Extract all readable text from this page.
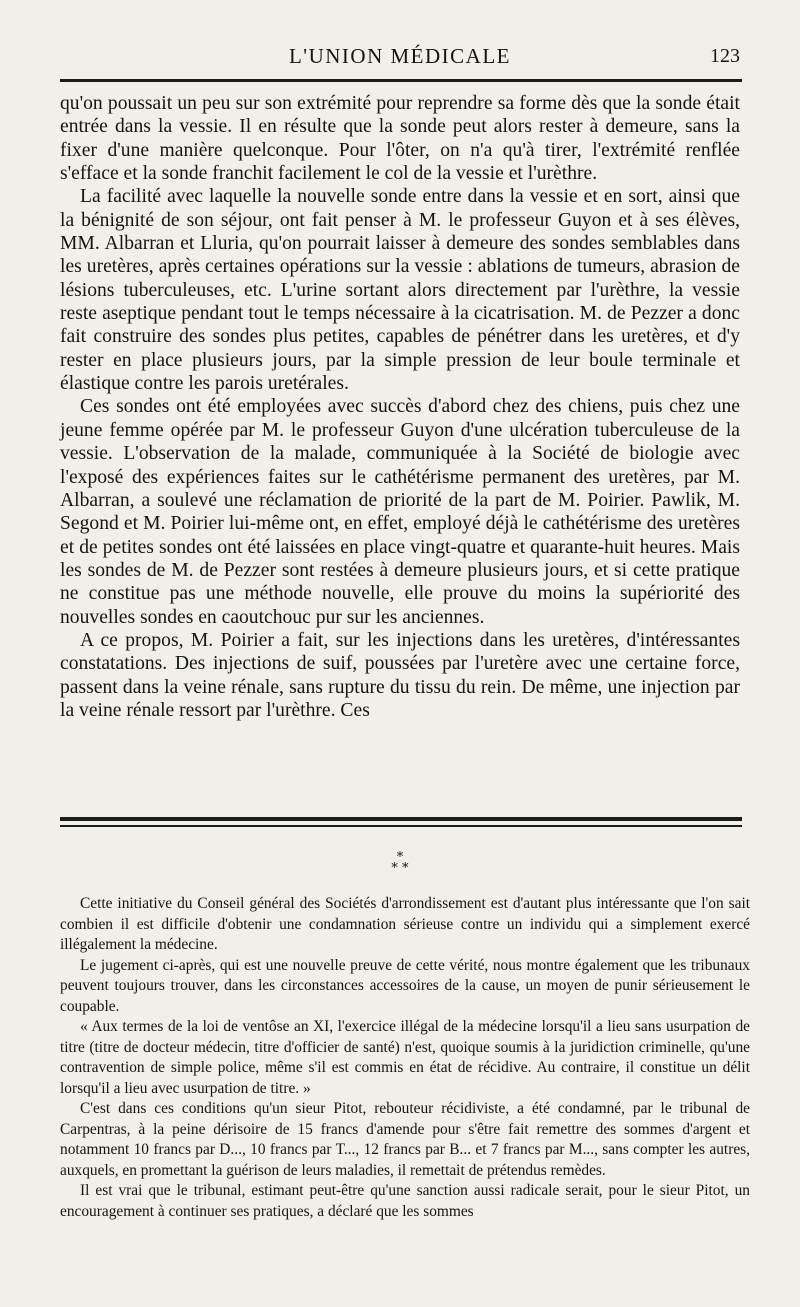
L'UNION MÉDICALE	123

qu'on poussait un peu sur son extrémité pour reprendre sa forme dès que la sonde était entrée dans la vessie. Il en résulte que la sonde peut alors rester à demeure, sans la fixer d'une manière quelconque. Pour l'ôter, on n'a qu'à tirer, l'extrémité renflée s'efface et la sonde franchit facilement le col de la vessie et l'urèthre.

La facilité avec laquelle la nouvelle sonde entre dans la vessie et en sort, ainsi que la bénignité de son séjour, ont fait penser à M. le professeur Guyon et à ses élèves, MM. Albarran et Lluria, qu'on pourrait laisser à demeure des sondes semblables dans les uretères, après certaines opérations sur la vessie : ablations de tumeurs, abrasion de lésions tuberculeuses, etc. L'urine sortant alors directement par l'urèthre, la vessie reste aseptique pendant tout le temps nécessaire à la cicatrisation. M. de Pezzer a donc fait construire des sondes plus petites, capables de pénétrer dans les uretères, et d'y rester en place plusieurs jours, par la simple pression de leur boule terminale et élastique contre les parois uretérales.

Ces sondes ont été employées avec succès d'abord chez des chiens, puis chez une jeune femme opérée par M. le professeur Guyon d'une ulcération tuberculeuse de la vessie. L'observation de la malade, communiquée à la Société de biologie avec l'exposé des expériences faites sur le cathétérisme permanent des uretères, par M. Albarran, a soulevé une réclamation de priorité de la part de M. Poirier. Pawlik, M. Segond et M. Poirier lui-même ont, en effet, employé déjà le cathétérisme des uretères et de petites sondes ont été laissées en place vingt-quatre et quarante-huit heures. Mais les sondes de M. de Pezzer sont restées à demeure plusieurs jours, et si cette pratique ne constitue pas une méthode nouvelle, elle prouve du moins la supériorité des nouvelles sondes en caoutchouc pur sur les anciennes.

A ce propos, M. Poirier a fait, sur les injections dans les uretères, d'intéressantes constatations. Des injections de suif, poussées par l'uretère avec une certaine force, passent dans la veine rénale, sans rupture du tissu du rein. De même, une injection par la veine rénale ressort par l'urèthre. Ces

*
* *

Cette initiative du Conseil général des Sociétés d'arrondissement est d'autant plus intéressante que l'on sait combien il est difficile d'obtenir une condamnation sérieuse contre un individu qui a simplement exercé illégalement la médecine.

Le jugement ci-après, qui est une nouvelle preuve de cette vérité, nous montre également que les tribunaux peuvent toujours trouver, dans les circonstances accessoires de la cause, un moyen de punir sérieusement le coupable.

« Aux termes de la loi de ventôse an XI, l'exercice illégal de la médecine lorsqu'il a lieu sans usurpation de titre (titre de docteur médecin, titre d'officier de santé) n'est, quoique soumis à la juridiction criminelle, qu'une contravention de simple police, même s'il est commis en état de récidive. Au contraire, il constitue un délit lorsqu'il a lieu avec usurpation de titre. »

C'est dans ces conditions qu'un sieur Pitot, rebouteur récidiviste, a été condamné, par le tribunal de Carpentras, à la peine dérisoire de 15 francs d'amende pour s'être fait remettre des sommes d'argent et notamment 10 francs par D..., 10 francs par T..., 12 francs par B... et 7 francs par M..., sans compter les autres, auxquels, en promettant la guérison de leurs maladies, il remettait de prétendus remèdes.

Il est vrai que le tribunal, estimant peut-être qu'une sanction aussi radicale serait, pour le sieur Pitot, un encouragement à continuer ses pratiques, a déclaré que les sommes
